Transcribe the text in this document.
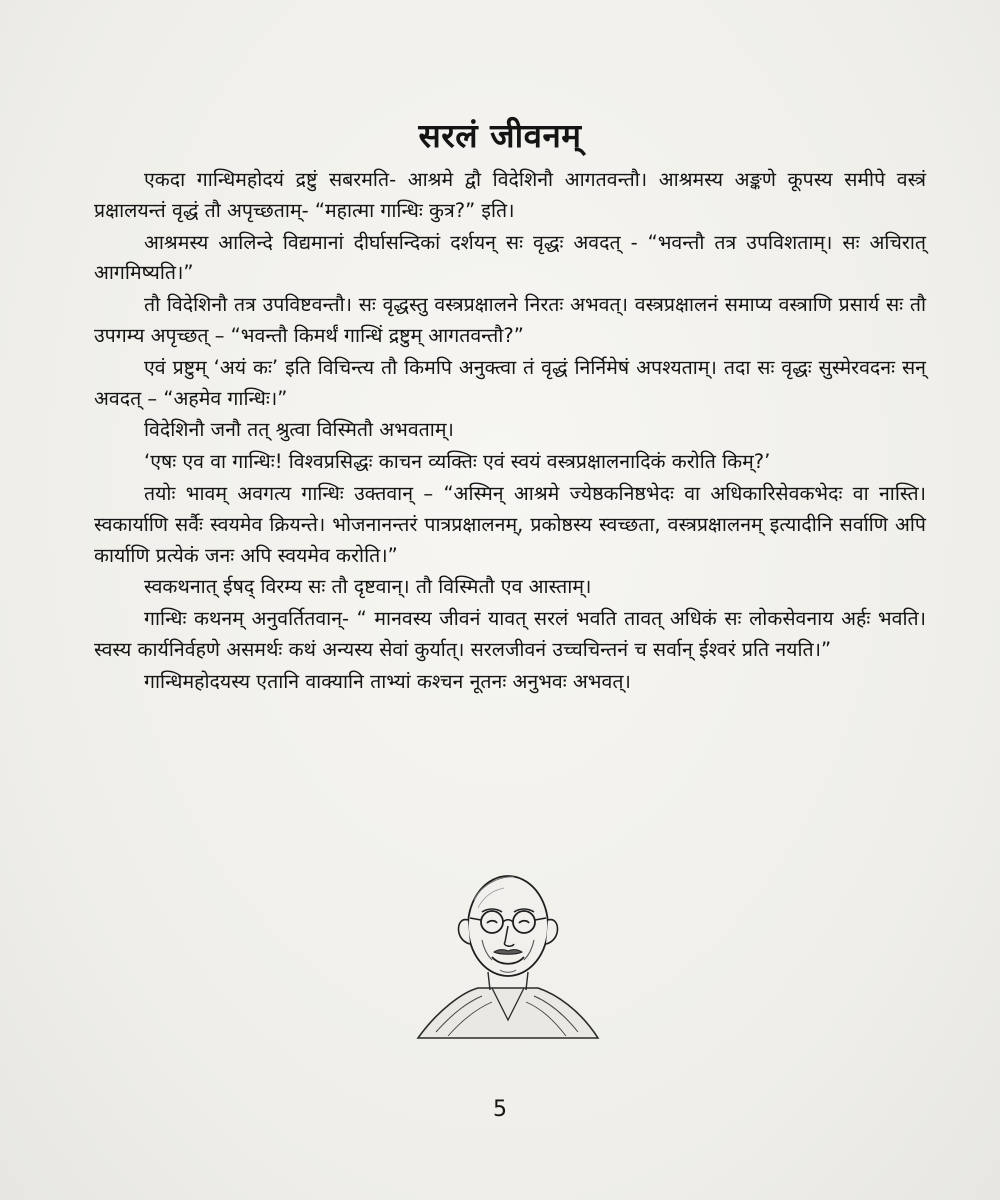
सरलं जीवनम्

एकदा गान्धिमहोदयं द्रष्टुं सबरमति- आश्रमे द्वौ विदेशिनौ आगतवन्तौ। आश्रमस्य अङ्कणे कूपस्य समीपे वस्त्रं प्रक्षालयन्तं वृद्धं तौ अपृच्छताम्- “महात्मा गान्धिः कुत्र?” इति।

आश्रमस्य आलिन्दे विद्यमानां दीर्घासन्दिकां दर्शयन् सः वृद्धः अवदत् - “भवन्तौ तत्र उपविशताम्। सः अचिरात् आगमिष्यति।”

तौ विदेशिनौ तत्र उपविष्टवन्तौ। सः वृद्धस्तु वस्त्रप्रक्षालने निरतः अभवत्। वस्त्रप्रक्षालनं समाप्य वस्त्राणि प्रसार्य सः तौ उपगम्य अपृच्छत् – “भवन्तौ किमर्थं गान्धिं द्रष्टुम् आगतवन्तौ?”

एवं प्रष्टुम् ‘अयं कः’ इति विचिन्त्य तौ किमपि अनुक्त्वा तं वृद्धं निर्निमेषं अपश्यताम्। तदा सः वृद्धः सुस्मेरवदनः सन् अवदत् – “अहमेव गान्धिः।”

विदेशिनौ जनौ तत् श्रुत्वा विस्मितौ अभवताम्।

‘एषः एव वा गान्धिः! विश्वप्रसिद्धः काचन व्यक्तिः एवं स्वयं वस्त्रप्रक्षालनादिकं करोति किम्?’

तयोः भावम् अवगत्य गान्धिः उक्तवान् – “अस्मिन् आश्रमे ज्येष्ठकनिष्ठभेदः वा अधिकारिसेवकभेदः वा नास्ति। स्वकार्याणि सर्वैः स्वयमेव क्रियन्ते। भोजनानन्तरं पात्रप्रक्षालनम्, प्रकोष्ठस्य स्वच्छता, वस्त्रप्रक्षालनम् इत्यादीनि सर्वाणि अपि कार्याणि प्रत्येकं जनः अपि स्वयमेव करोति।”

स्वकथनात् ईषद् विरम्य सः तौ दृष्टवान्। तौ विस्मितौ एव आस्ताम्।

गान्धिः कथनम् अनुवर्तितवान्- “ मानवस्य जीवनं यावत् सरलं भवति तावत् अधिकं सः लोकसेवनाय अर्हः भवति। स्वस्य कार्यनिर्वहणे असमर्थः कथं अन्यस्य सेवां कुर्यात्। सरलजीवनं उच्चचिन्तनं च सर्वान् ईश्वरं प्रति नयति।”

गान्धिमहोदयस्य एतानि वाक्यानि ताभ्यां कश्चन नूतनः अनुभवः अभवत्।

5
